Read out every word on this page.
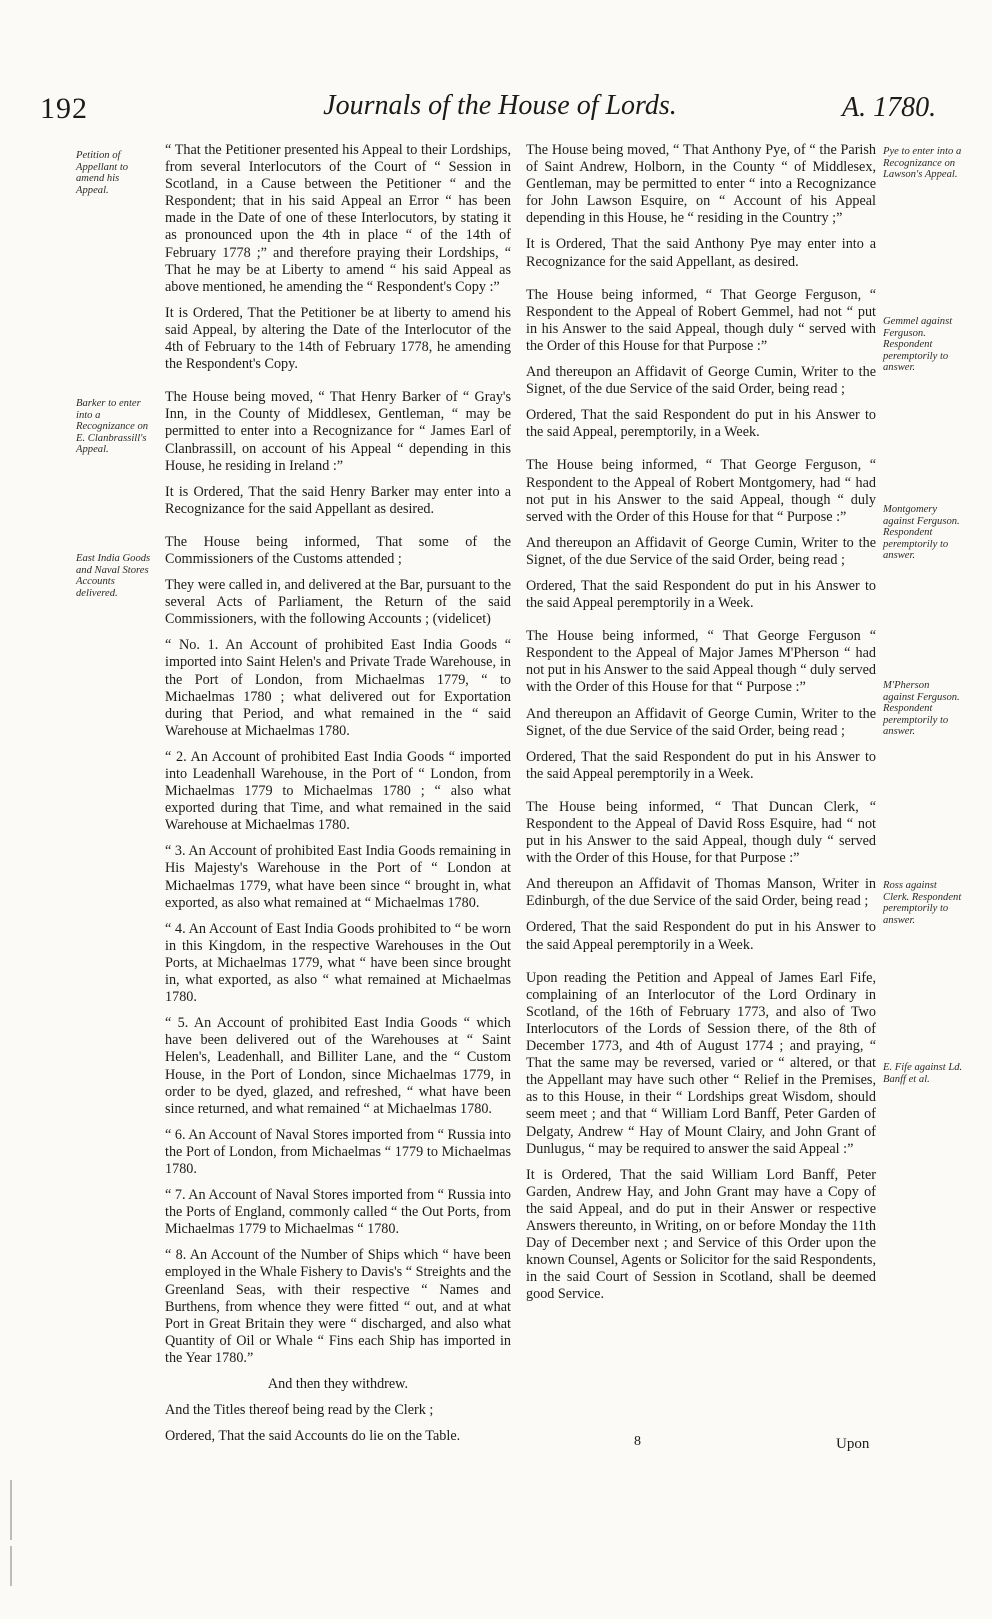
192	Journals of the House of Lords.	A. 1780.
Petition of Appellant to amend his Appeal.
Barker to enter into a Recognizance on E. Clanbrassill's Appeal.
East India Goods and Naval Stores Accounts delivered.
Pye to enter into a Recognizance on Lawson's Appeal.
Gemmel against Ferguson. Respondent peremptorily to answer.
Montgomery against Ferguson. Respondent peremptorily to answer.
M'Pherson against Ferguson. Respondent peremptorily to answer.
Ross against Clerk. Respondent peremptorily to answer.
E. Fife against Ld. Banff et al.

“ That the Petitioner presented his Appeal to their Lordships, from several Interlocutors of the Court of “ Session in Scotland, in a Cause between the Petitioner “ and the Respondent; that in his said Appeal an Error “ has been made in the Date of one of these Interlocutors, by stating it as pronounced upon the 4th in place “ of the 14th of February 1778 ;” and therefore praying their Lordships, “ That he may be at Liberty to amend “ his said Appeal as above mentioned, he amending the “ Respondent's Copy :”

It is Ordered, That the Petitioner be at liberty to amend his said Appeal, by altering the Date of the Interlocutor of the 4th of February to the 14th of February 1778, he amending the Respondent's Copy.

The House being moved, “ That Henry Barker of “ Gray's Inn, in the County of Middlesex, Gentleman, “ may be permitted to enter into a Recognizance for “ James Earl of Clanbrassill, on account of his Appeal “ depending in this House, he residing in Ireland :”

It is Ordered, That the said Henry Barker may enter into a Recognizance for the said Appellant as desired.

The House being informed, That some of the Commissioners of the Customs attended ;

They were called in, and delivered at the Bar, pursuant to the several Acts of Parliament, the Return of the said Commissioners, with the following Accounts ; (videlicet)

“ No. 1. An Account of prohibited East India Goods “ imported into Saint Helen's and Private Trade Warehouse, in the Port of London, from Michaelmas 1779, “ to Michaelmas 1780 ; what delivered out for Exportation during that Period, and what remained in the “ said Warehouse at Michaelmas 1780.

“ 2. An Account of prohibited East India Goods “ imported into Leadenhall Warehouse, in the Port of “ London, from Michaelmas 1779 to Michaelmas 1780 ; “ also what exported during that Time, and what remained in the said Warehouse at Michaelmas 1780.

“ 3. An Account of prohibited East India Goods remaining in His Majesty's Warehouse in the Port of “ London at Michaelmas 1779, what have been since “ brought in, what exported, as also what remained at “ Michaelmas 1780.

“ 4. An Account of East India Goods prohibited to “ be worn in this Kingdom, in the respective Warehouses in the Out Ports, at Michaelmas 1779, what “ have been since brought in, what exported, as also “ what remained at Michaelmas 1780.

“ 5. An Account of prohibited East India Goods “ which have been delivered out of the Warehouses at “ Saint Helen's, Leadenhall, and Billiter Lane, and the “ Custom House, in the Port of London, since Michaelmas 1779, in order to be dyed, glazed, and refreshed, “ what have been since returned, and what remained “ at Michaelmas 1780.

“ 6. An Account of Naval Stores imported from “ Russia into the Port of London, from Michaelmas “ 1779 to Michaelmas 1780.

“ 7. An Account of Naval Stores imported from “ Russia into the Ports of England, commonly called “ the Out Ports, from Michaelmas 1779 to Michaelmas “ 1780.

“ 8. An Account of the Number of Ships which “ have been employed in the Whale Fishery to Davis's “ Streights and the Greenland Seas, with their respective “ Names and Burthens, from whence they were fitted “ out, and at what Port in Great Britain they were “ discharged, and also what Quantity of Oil or Whale “ Fins each Ship has imported in the Year 1780.”

And then they withdrew.

And the Titles thereof being read by the Clerk ;

Ordered, That the said Accounts do lie on the Table.

The House being moved, “ That Anthony Pye, of “ the Parish of Saint Andrew, Holborn, in the County “ of Middlesex, Gentleman, may be permitted to enter “ into a Recognizance for John Lawson Esquire, on “ Account of his Appeal depending in this House, he “ residing in the Country ;”

It is Ordered, That the said Anthony Pye may enter into a Recognizance for the said Appellant, as desired.

The House being informed, “ That George Ferguson, “ Respondent to the Appeal of Robert Gemmel, had not “ put in his Answer to the said Appeal, though duly “ served with the Order of this House for that Purpose :”

And thereupon an Affidavit of George Cumin, Writer to the Signet, of the due Service of the said Order, being read ;

Ordered, That the said Respondent do put in his Answer to the said Appeal, peremptorily, in a Week.

The House being informed, “ That George Ferguson, “ Respondent to the Appeal of Robert Montgomery, had “ had not put in his Answer to the said Appeal, though “ duly served with the Order of this House for that “ Purpose :”

And thereupon an Affidavit of George Cumin, Writer to the Signet, of the due Service of the said Order, being read ;

Ordered, That the said Respondent do put in his Answer to the said Appeal peremptorily in a Week.

The House being informed, “ That George Ferguson “ Respondent to the Appeal of Major James M'Pherson “ had not put in his Answer to the said Appeal though “ duly served with the Order of this House for that “ Purpose :”

And thereupon an Affidavit of George Cumin, Writer to the Signet, of the due Service of the said Order, being read ;

Ordered, That the said Respondent do put in his Answer to the said Appeal peremptorily in a Week.

The House being informed, “ That Duncan Clerk, “ Respondent to the Appeal of David Ross Esquire, had “ not put in his Answer to the said Appeal, though duly “ served with the Order of this House, for that Purpose :”

And thereupon an Affidavit of Thomas Manson, Writer in Edinburgh, of the due Service of the said Order, being read ;

Ordered, That the said Respondent do put in his Answer to the said Appeal peremptorily in a Week.

Upon reading the Petition and Appeal of James Earl Fife, complaining of an Interlocutor of the Lord Ordinary in Scotland, of the 16th of February 1773, and also of Two Interlocutors of the Lords of Session there, of the 8th of December 1773, and 4th of August 1774 ; and praying, “ That the same may be reversed, varied or “ altered, or that the Appellant may have such other “ Relief in the Premises, as to this House, in their “ Lordships great Wisdom, should seem meet ; and that “ William Lord Banff, Peter Garden of Delgaty, Andrew “ Hay of Mount Clairy, and John Grant of Dunlugus, “ may be required to answer the said Appeal :”

It is Ordered, That the said William Lord Banff, Peter Garden, Andrew Hay, and John Grant may have a Copy of the said Appeal, and do put in their Answer or respective Answers thereunto, in Writing, on or before Monday the 11th Day of December next ; and Service of this Order upon the known Counsel, Agents or Solicitor for the said Respondents, in the said Court of Session in Scotland, shall be deemed good Service.

8	Upon
